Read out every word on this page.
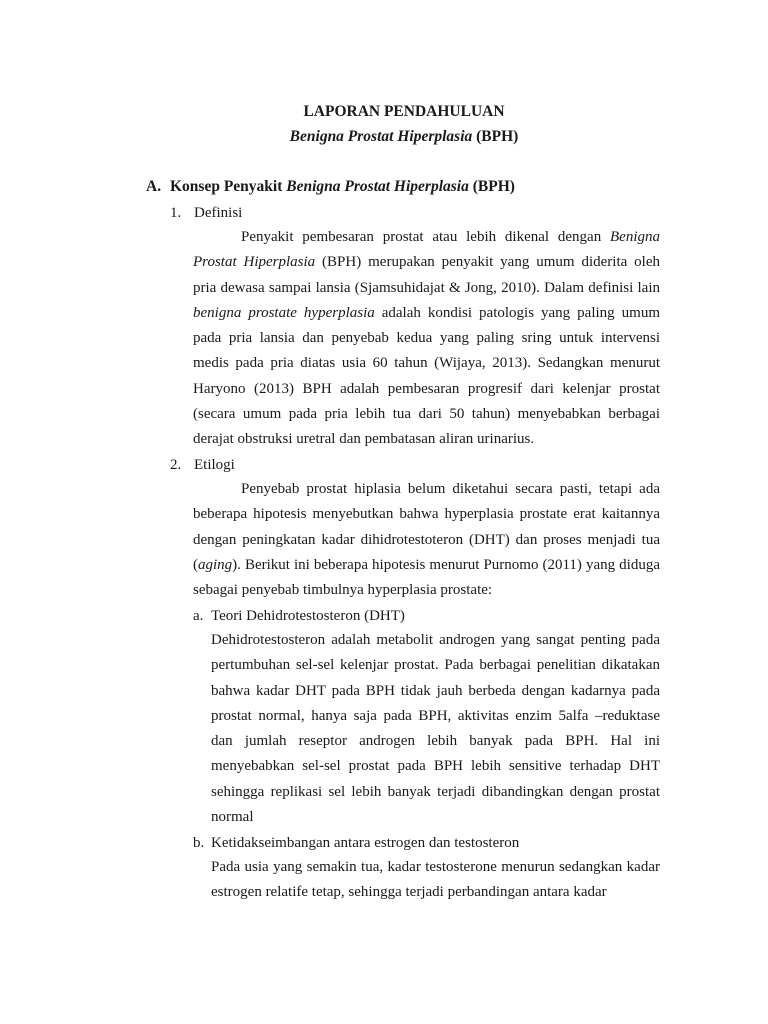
LAPORAN PENDAHULUAN
Benigna Prostat Hiperplasia (BPH)
A. Konsep Penyakit Benigna Prostat Hiperplasia (BPH)
1. Definisi

Penyakit pembesaran prostat atau lebih dikenal dengan Benigna Prostat Hiperplasia (BPH) merupakan penyakit yang umum diderita oleh pria dewasa sampai lansia (Sjamsuhidajat & Jong, 2010). Dalam definisi lain benigna prostate hyperplasia adalah kondisi patologis yang paling umum pada pria lansia dan penyebab kedua yang paling sring untuk intervensi medis pada pria diatas usia 60 tahun (Wijaya, 2013). Sedangkan menurut Haryono (2013) BPH adalah pembesaran progresif dari kelenjar prostat (secara umum pada pria lebih tua dari 50 tahun) menyebabkan berbagai derajat obstruksi uretral dan pembatasan aliran urinarius.

2. Etilogi

Penyebab prostat hiplasia belum diketahui secara pasti, tetapi ada beberapa hipotesis menyebutkan bahwa hyperplasia prostate erat kaitannya dengan peningkatan kadar dihidrotestoteron (DHT) dan proses menjadi tua (aging). Berikut ini beberapa hipotesis menurut Purnomo (2011) yang diduga sebagai penyebab timbulnya hyperplasia prostate:

a. Teori Dehidrotestosteron (DHT)

Dehidrotestosteron adalah metabolit androgen yang sangat penting pada pertumbuhan sel-sel kelenjar prostat. Pada berbagai penelitian dikatakan bahwa kadar DHT pada BPH tidak jauh berbeda dengan kadarnya pada prostat normal, hanya saja pada BPH, aktivitas enzim 5alfa –reduktase dan jumlah reseptor androgen lebih banyak pada BPH. Hal ini menyebabkan sel-sel prostat pada BPH lebih sensitive terhadap DHT sehingga replikasi sel lebih banyak terjadi dibandingkan dengan prostat normal

b. Ketidakseimbangan antara estrogen dan testosteron

Pada usia yang semakin tua, kadar testosterone menurun sedangkan kadar estrogen relatife tetap, sehingga terjadi perbandingan antara kadar
